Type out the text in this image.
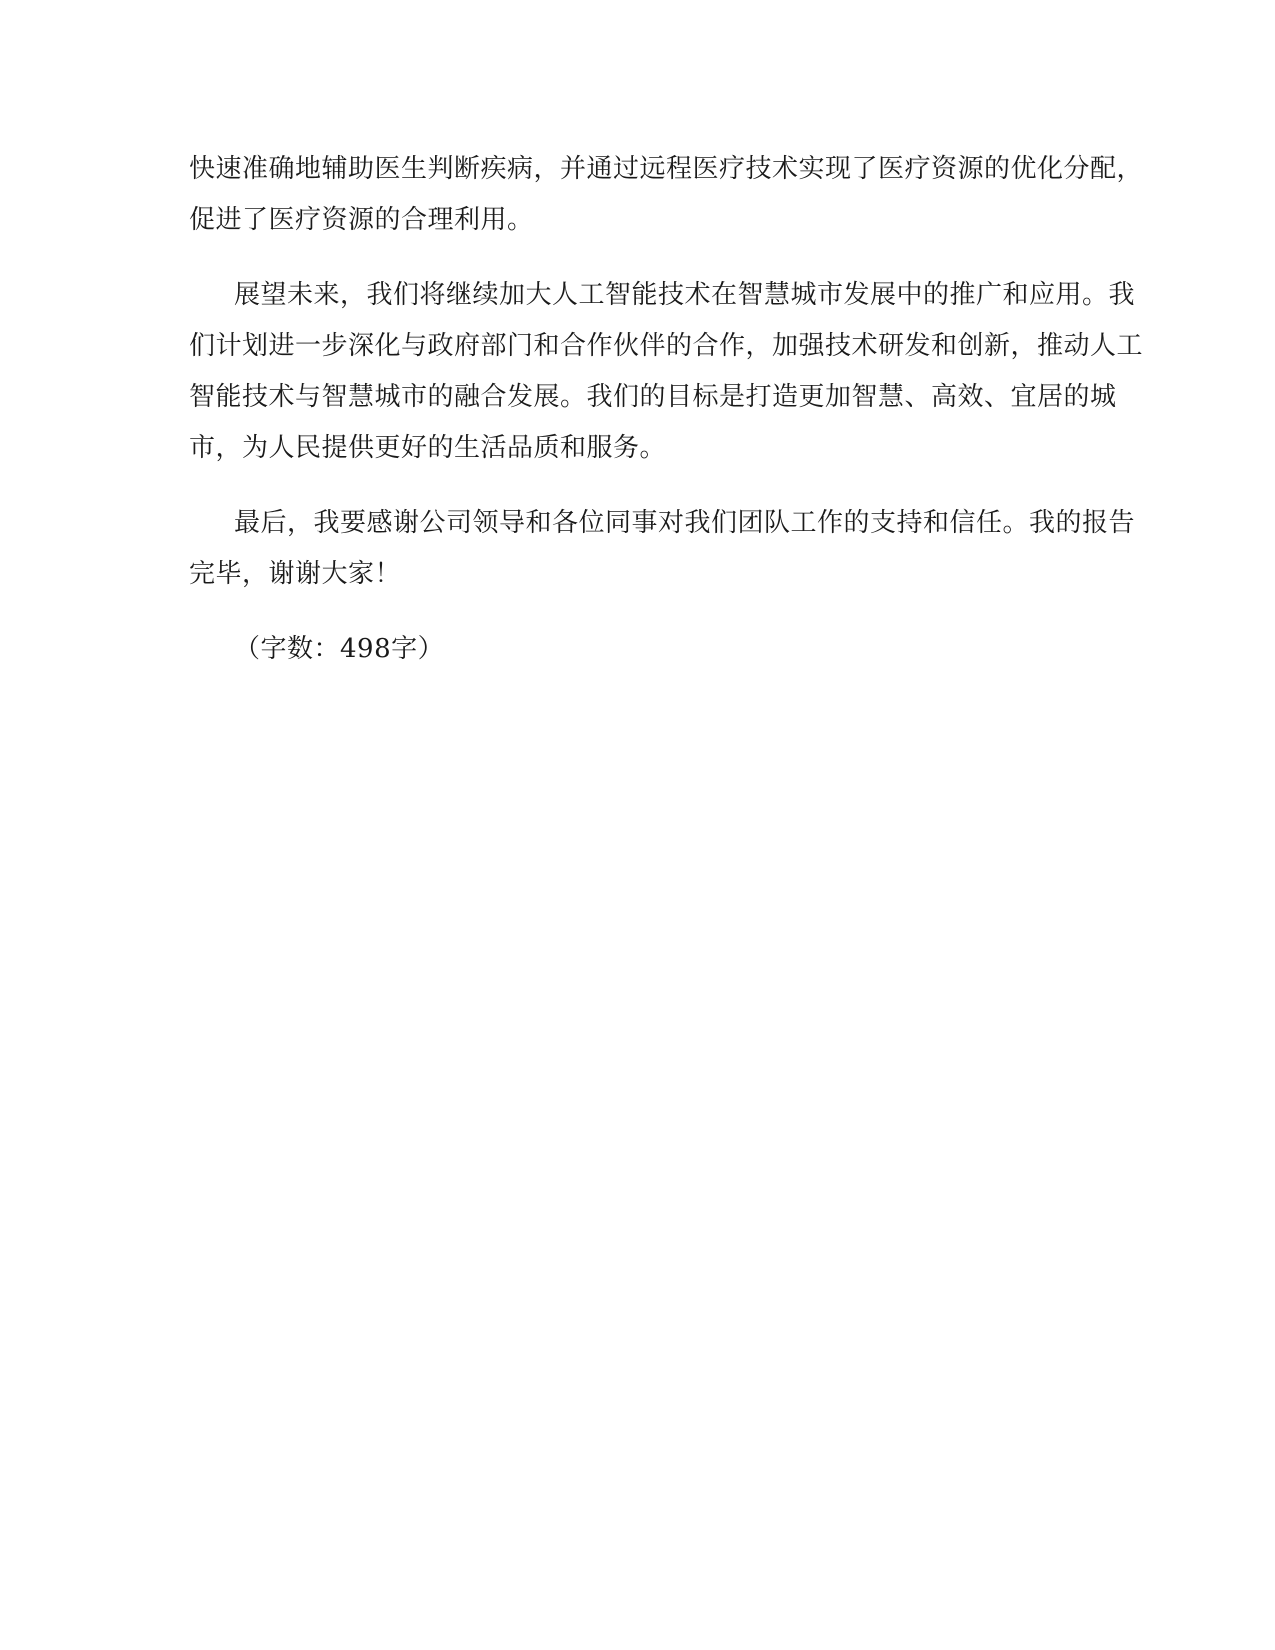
快速准确地辅助医生判断疾病，并通过远程医疗技术实现了医疗资源的优化分配，
促进了医疗资源的合理利用。

展望未来，我们将继续加大人工智能技术在智慧城市发展中的推广和应用。我
们计划进一步深化与政府部门和合作伙伴的合作，加强技术研发和创新，推动人工
智能技术与智慧城市的融合发展。我们的目标是打造更加智慧、高效、宜居的城
市，为人民提供更好的生活品质和服务。

最后，我要感谢公司领导和各位同事对我们团队工作的支持和信任。我的报告
完毕，谢谢大家！

（字数：498字）
